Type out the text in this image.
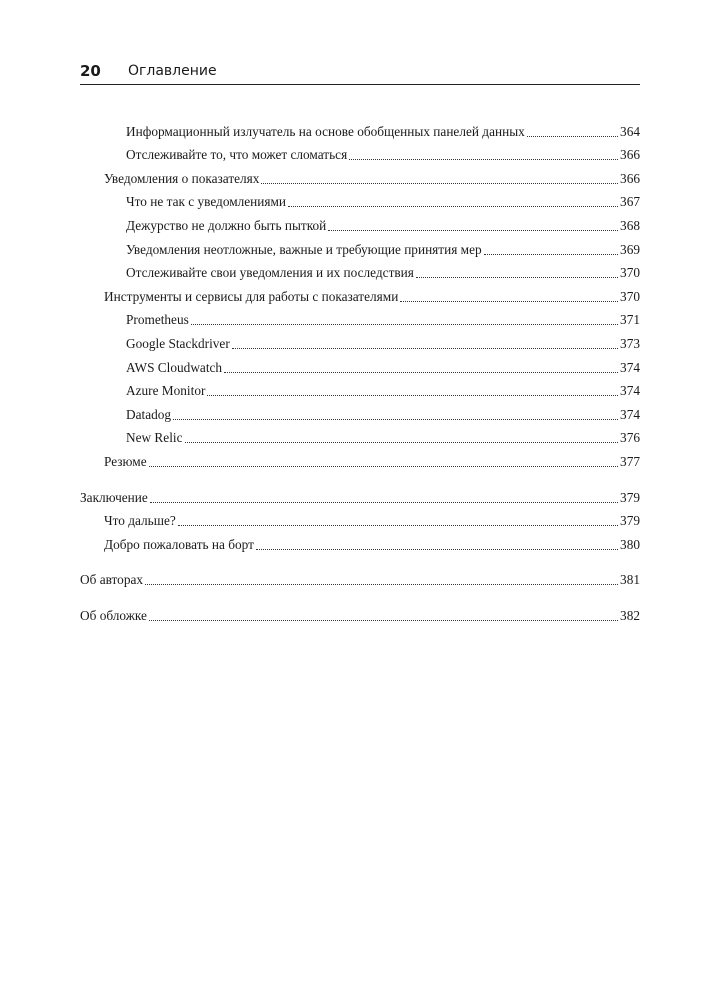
20 Оглавление
Информационный излучатель на основе обобщенных панелей данных	364
Отслеживайте то, что может сломаться	366
Уведомления о показателях	366
Что не так с уведомлениями	367
Дежурство не должно быть пыткой	368
Уведомления неотложные, важные и требующие принятия мер	369
Отслеживайте свои уведомления и их последствия	370
Инструменты и сервисы для работы с показателями	370
Prometheus	371
Google Stackdriver	373
AWS Cloudwatch	374
Azure Monitor	374
Datadog	374
New Relic	376
Резюме	377
Заключение	379
Что дальше?	379
Добро пожаловать на борт	380
Об авторах	381
Об обложке	382
